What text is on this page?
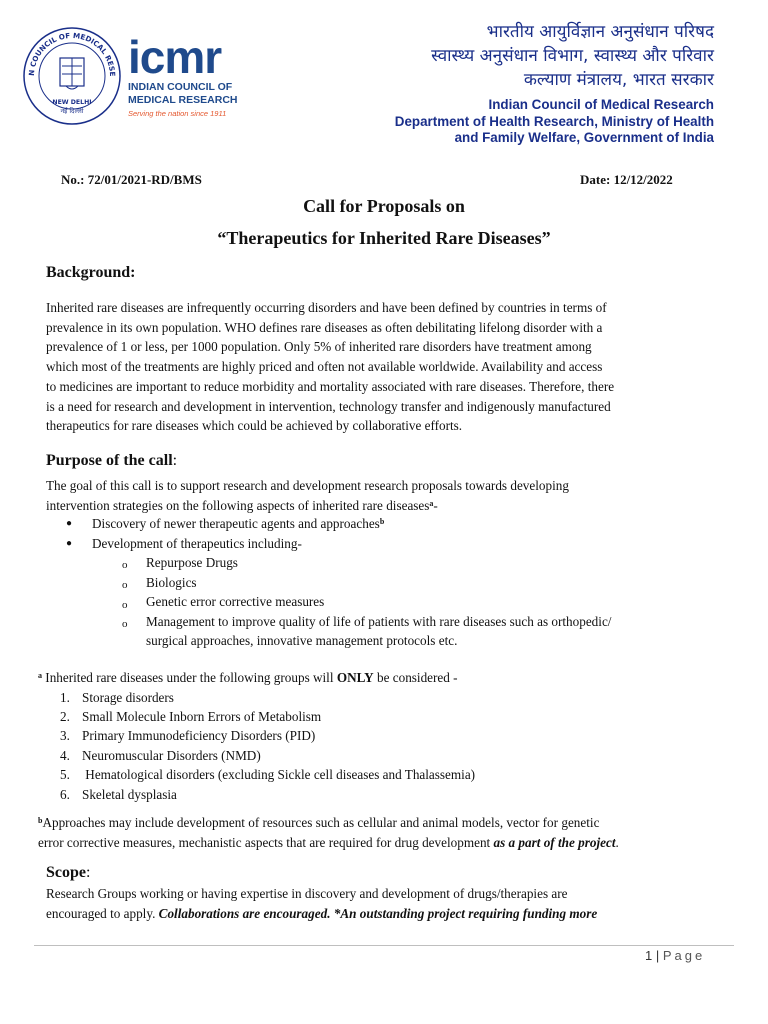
N COUNCIL OF MEDICAL RESE
NEW DELHI
नई दिल्ली
icmr
INDIAN COUNCIL OF
MEDICAL RESEARCH
Serving the nation since 1911
भारतीय आयुर्विज्ञान अनुसंधान परिषद
स्वास्थ्य अनुसंधान विभाग, स्वास्थ्य और परिवार
कल्याण मंत्रालय, भारत सरकार
Indian Council of Medical Research
Department of Health Research, Ministry of Health
and Family Welfare, Government of India
No.: 72/01/2021-RD/BMS	Date: 12/12/2022
Call for Proposals on
“Therapeutics for Inherited Rare Diseases”
Background:
Inherited rare diseases are infrequently occurring disorders and have been defined by countries in terms of
prevalence in its own population. WHO defines rare diseases as often debilitating lifelong disorder with a
prevalence of 1 or less, per 1000 population. Only 5% of inherited rare disorders have treatment among
which most of the treatments are highly priced and often not available worldwide. Availability and access
to medicines are important to reduce morbidity and mortality associated with rare diseases. Therefore, there
is a need for research and development in intervention, technology transfer and indigenously manufactured
therapeutics for rare diseases which could be achieved by collaborative efforts.
Purpose of the call:
The goal of this call is to support research and development research proposals towards developing
intervention strategies on the following aspects of inherited rare diseases$^a$-
● Discovery of newer therapeutic agents and approaches$^b$
● Development of therapeutics including-
o Repurpose Drugs
o Biologics
o Genetic error corrective measures
o Management to improve quality of life of patients with rare diseases such as orthopedic/
surgical approaches, innovative management protocols etc.
$^a$ Inherited rare diseases under the following groups will ONLY be considered -
1. Storage disorders
2. Small Molecule Inborn Errors of Metabolism
3. Primary Immunodeficiency Disorders (PID)
4. Neuromuscular Disorders (NMD)
5. Hematological disorders (excluding Sickle cell diseases and Thalassemia)
6. Skeletal dysplasia
$^b$Approaches may include development of resources such as cellular and animal models, vector for genetic
error corrective measures, mechanistic aspects that are required for drug development as a part of the project.
Scope:
Research Groups working or having expertise in discovery and development of drugs/therapies are
encouraged to apply. Collaborations are encouraged. *An outstanding project requiring funding more
1 | Page
